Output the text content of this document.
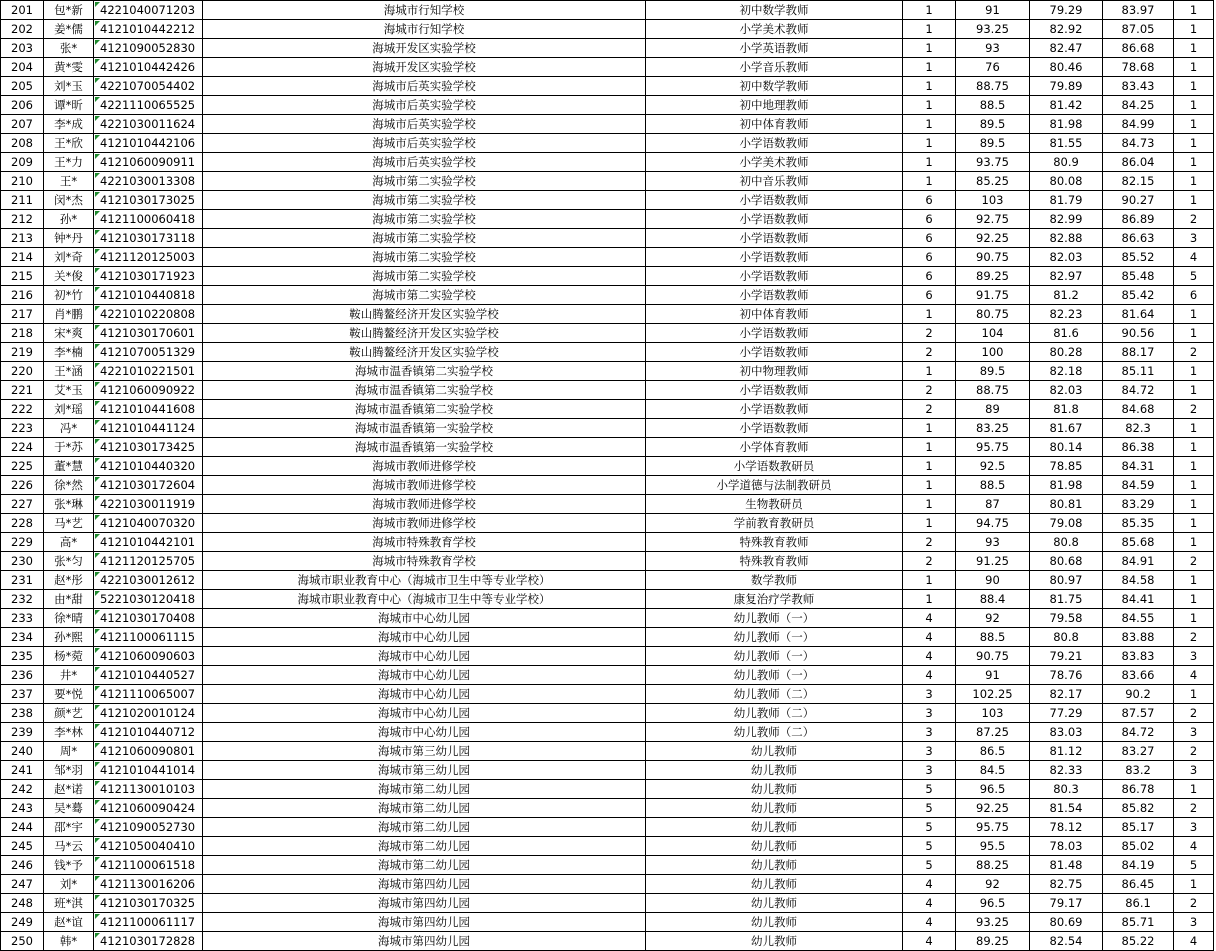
201	包*新	4221040071203	海城市行知学校	初中数学教师	1	91	79.29	83.97	1
202	姜*儒	4121010442212	海城市行知学校	小学美术教师	1	93.25	82.92	87.05	1
203	张*	4121090052830	海城开发区实验学校	小学英语教师	1	93	82.47	86.68	1
204	黄*雯	4121010442426	海城开发区实验学校	小学音乐教师	1	76	80.46	78.68	1
205	刘*玉	4221070054402	海城市后英实验学校	初中数学教师	1	88.75	79.89	83.43	1
206	谭*昕	4221110065525	海城市后英实验学校	初中地理教师	1	88.5	81.42	84.25	1
207	李*成	4221030011624	海城市后英实验学校	初中体育教师	1	89.5	81.98	84.99	1
208	王*欣	4121010442106	海城市后英实验学校	小学语数教师	1	89.5	81.55	84.73	1
209	王*力	4121060090911	海城市后英实验学校	小学美术教师	1	93.75	80.9	86.04	1
210	王*	4221030013308	海城市第二实验学校	初中音乐教师	1	85.25	80.08	82.15	1
211	闵*杰	4121030173025	海城市第二实验学校	小学语数教师	6	103	81.79	90.27	1
212	孙*	4121100060418	海城市第二实验学校	小学语数教师	6	92.75	82.99	86.89	2
213	钟*丹	4121030173118	海城市第二实验学校	小学语数教师	6	92.25	82.88	86.63	3
214	刘*奇	4121120125003	海城市第二实验学校	小学语数教师	6	90.75	82.03	85.52	4
215	关*俊	4121030171923	海城市第二实验学校	小学语数教师	6	89.25	82.97	85.48	5
216	初*竹	4121010440818	海城市第二实验学校	小学语数教师	6	91.75	81.2	85.42	6
217	肖*鹏	4221010220808	鞍山腾鳌经济开发区实验学校	初中体育教师	1	80.75	82.23	81.64	1
218	宋*爽	4121030170601	鞍山腾鳌经济开发区实验学校	小学语数教师	2	104	81.6	90.56	1
219	李*楠	4121070051329	鞍山腾鳌经济开发区实验学校	小学语数教师	2	100	80.28	88.17	2
220	王*涵	4221010221501	海城市温香镇第二实验学校	初中物理教师	1	89.5	82.18	85.11	1
221	艾*玉	4121060090922	海城市温香镇第二实验学校	小学语数教师	2	88.75	82.03	84.72	1
222	刘*瑶	4121010441608	海城市温香镇第二实验学校	小学语数教师	2	89	81.8	84.68	2
223	冯*	4121010441124	海城市温香镇第一实验学校	小学语数教师	1	83.25	81.67	82.3	1
224	于*苏	4121030173425	海城市温香镇第一实验学校	小学体育教师	1	95.75	80.14	86.38	1
225	董*慧	4121010440320	海城市教师进修学校	小学语数教研员	1	92.5	78.85	84.31	1
226	徐*然	4121030172604	海城市教师进修学校	小学道德与法制教研员	1	88.5	81.98	84.59	1
227	张*琳	4221030011919	海城市教师进修学校	生物教研员	1	87	80.81	83.29	1
228	马*艺	4121040070320	海城市教师进修学校	学前教育教研员	1	94.75	79.08	85.35	1
229	高*	4121010442101	海城市特殊教育学校	特殊教育教师	2	93	80.8	85.68	1
230	张*匀	4121120125705	海城市特殊教育学校	特殊教育教师	2	91.25	80.68	84.91	2
231	赵*彤	4221030012612	海城市职业教育中心（海城市卫生中等专业学校）	数学教师	1	90	80.97	84.58	1
232	由*甜	5221030120418	海城市职业教育中心（海城市卫生中等专业学校）	康复治疗学教师	1	88.4	81.75	84.41	1
233	徐*晴	4121030170408	海城市中心幼儿园	幼儿教师（一）	4	92	79.58	84.55	1
234	孙*熙	4121100061115	海城市中心幼儿园	幼儿教师（一）	4	88.5	80.8	83.88	2
235	杨*菀	4121060090603	海城市中心幼儿园	幼儿教师（一）	4	90.75	79.21	83.83	3
236	井*	4121010440527	海城市中心幼儿园	幼儿教师（一）	4	91	78.76	83.66	4
237	要*悦	4121110065007	海城市中心幼儿园	幼儿教师（二）	3	102.25	82.17	90.2	1
238	颜*艺	4121020010124	海城市中心幼儿园	幼儿教师（二）	3	103	77.29	87.57	2
239	李*林	4121010440712	海城市中心幼儿园	幼儿教师（二）	3	87.25	83.03	84.72	3
240	周*	4121060090801	海城市第三幼儿园	幼儿教师	3	86.5	81.12	83.27	2
241	邹*羽	4121010441014	海城市第三幼儿园	幼儿教师	3	84.5	82.33	83.2	3
242	赵*诺	4121130010103	海城市第二幼儿园	幼儿教师	5	96.5	80.3	86.78	1
243	吴*蓦	4121060090424	海城市第二幼儿园	幼儿教师	5	92.25	81.54	85.82	2
244	邵*宇	4121090052730	海城市第二幼儿园	幼儿教师	5	95.75	78.12	85.17	3
245	马*云	4121050040410	海城市第二幼儿园	幼儿教师	5	95.5	78.03	85.02	4
246	钱*予	4121100061518	海城市第二幼儿园	幼儿教师	5	88.25	81.48	84.19	5
247	刘*	4121130016206	海城市第四幼儿园	幼儿教师	4	92	82.75	86.45	1
248	班*淇	4121030170325	海城市第四幼儿园	幼儿教师	4	96.5	79.17	86.1	2
249	赵*谊	4121100061117	海城市第四幼儿园	幼儿教师	4	93.25	80.69	85.71	3
250	韩*	4121030172828	海城市第四幼儿园	幼儿教师	4	89.25	82.54	85.22	4
